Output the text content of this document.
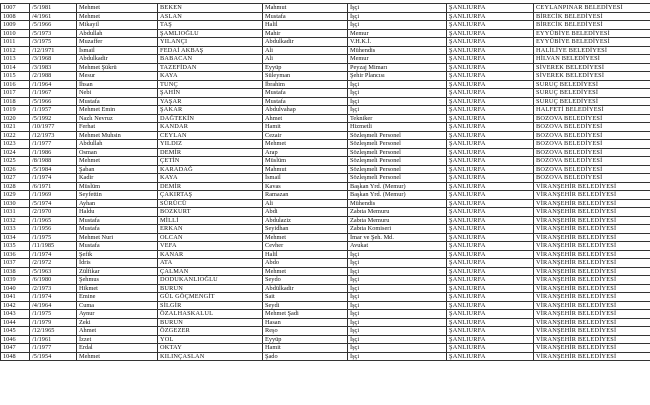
1007	/5/1981	Mehmet	BEKEN	Mahmut	İşçi	ŞANLIURFA	CEYLANPINAR BELEDİYESİ
1008	/4/1961	Mehmet	ASLAN	Mustafa	İşçi	ŞANLIURFA	BİRECİK BELEDİYESİ
1009	/5/1966	Mikayil	TAŞ	Halil	İşçi	ŞANLIURFA	BİRECİK BELEDİYESİ
1010	/5/1973	Abdullah	ŞAMLIOĞLU	Mahir	Memur	ŞANLIURFA	EYYÜBİYE BELEDİYESİ
1011	/3/1975	Muzaffer	YILANÇI	Abdulkadir	V.H.K.İ.	ŞANLIURFA	EYYÜBİYE BELEDİYESİ
1012	/12/1971	İsmail	FEDAİ AKBAŞ	Ali	Mühendis	ŞANLIURFA	HALİLİYE BELEDİYESİ
1013	/3/1968	Abdulkadir	BABACAN	Ali	Memur	ŞANLIURFA	HİLVAN BELEDİYESİ
1014	/3/1983	Mehmet Şükrü	TAZEFİDAN	Eyyüp	Peyzaj Mimarı	ŞANLIURFA	SİVEREK BELEDİYESİ
1015	/2/1988	Mesur	KAYA	Süleyman	Şehir Plancısı	ŞANLIURFA	SİVEREK BELEDİYESİ
1016	/1/1964	İhsan	TUNÇ	İbrahim	İşçi	ŞANLIURFA	SURUÇ BELEDİYESİ
1017	/1/1967	Nebi	ŞAHİN	Mustafa	İşçi	ŞANLIURFA	SURUÇ BELEDİYESİ
1018	/5/1966	Mustafa	YAŞAR	Mustafa	İşçi	ŞANLIURFA	SURUÇ BELEDİYESİ
1019	/1/1957	Mehmet Emin	ŞAKAR	Abdulvahap	İşçi	ŞANLIURFA	HALFETİ BELEDİYESİ
1020	/5/1992	Nazlı Nevruz	DAĞTEKİN	Ahmet	Tekniker	ŞANLIURFA	BOZOVA BELEDİYESİ
1021	/10/1977	Ferhat	KANDAR	Hamit	Hizmetli	ŞANLIURFA	BOZOVA BELEDİYESİ
1022	/12/1973	Mehmet Muhsin	CEYLAN	Cezair	Sözleşmeli Personel	ŞANLIURFA	BOZOVA BELEDİYESİ
1023	/1/1977	Abdullah	YILDIZ	Mehmet	Sözleşmeli Personel	ŞANLIURFA	BOZOVA BELEDİYESİ
1024	/1/1986	Osman	DEMİR	Arap	Sözleşmeli Personel	ŞANLIURFA	BOZOVA BELEDİYESİ
1025	/8/1988	Mehmet	ÇETİN	Müslüm	Sözleşmeli Personel	ŞANLIURFA	BOZOVA BELEDİYESİ
1026	/5/1984	Şaban	KARADAĞ	Mahmut	Sözleşmeli Personel	ŞANLIURFA	BOZOVA BELEDİYESİ
1027	/1/1974	Kadir	KAYA	İsmail	Sözleşmeli Personel	ŞANLIURFA	BOZOVA BELEDİYESİ
1028	/6/1971	Müslüm	DEMİR	Kavas	Başkan Yrd. (Memur)	ŞANLIURFA	VİRANŞEHİR BELEDİYESİ
1029	/1/1969	Seyfettin	ÇAKIRTAŞ	Ramazan	Başkan Yrd. (Memur)	ŞANLIURFA	VİRANŞEHİR BELEDİYESİ
1030	/5/1974	Ayhan	SÜRÜCÜ	Ali	Mühendis	ŞANLIURFA	VİRANŞEHİR BELEDİYESİ
1031	/2/1970	Haldu	BOZKURT	Abdi	Zabıta Memuru	ŞANLIURFA	VİRANŞEHİR BELEDİYESİ
1032	/1/1965	Mustafa	MİLLİ	Abdulaziz	Zabıta Memuru	ŞANLIURFA	VİRANŞEHİR BELEDİYESİ
1033	/1/1956	Mustafa	ERKAN	Seyidhan	Zabıta Komiseri	ŞANLIURFA	VİRANŞEHİR BELEDİYESİ
1034	/1/1975	Mehmet Nuri	OLCAN	Mehmet	İmar ve Şeh. Md.	ŞANLIURFA	VİRANŞEHİR BELEDİYESİ
1035	/11/1985	Mustafa	VEFA	Cevher	Avukat	ŞANLIURFA	VİRANŞEHİR BELEDİYESİ
1036	/1/1974	Şefik	KANAR	Halil	İşçi	ŞANLIURFA	VİRANŞEHİR BELEDİYESİ
1037	/2/1972	İdris	ATA	Abdo	İşçi	ŞANLIURFA	VİRANŞEHİR BELEDİYESİ
1038	/5/1963	Zülfikar	ÇALMAN	Mehmet	İşçi	ŞANLIURFA	VİRANŞEHİR BELEDİYESİ
1039	/6/1980	Şehmus	DODUKANLIOĞLU	Seydo	İşçi	ŞANLIURFA	VİRANŞEHİR BELEDİYESİ
1040	/2/1973	Hikmet	BURUN	Abdülkadir	İşçi	ŞANLIURFA	VİRANŞEHİR BELEDİYESİ
1041	/1/1974	Emine	GÜL GÖÇMENGİT	Sait	İşçi	ŞANLIURFA	VİRANŞEHİR BELEDİYESİ
1042	/4/1964	Cuma	SİLGİR	Seydi	İşçi	ŞANLIURFA	VİRANŞEHİR BELEDİYESİ
1043	/1/1975	Aynur	ÖZALHASKALUL	Mehmet Şadi	İşçi	ŞANLIURFA	VİRANŞEHİR BELEDİYESİ
1044	/1/1979	Zeki	BURUN	Hasan	İşçi	ŞANLIURFA	VİRANŞEHİR BELEDİYESİ
1045	/12/1965	Ahmet	ÖZGEZER	Reşo	İşçi	ŞANLIURFA	VİRANŞEHİR BELEDİYESİ
1046	/1/1961	İzzet	YOL	Eyyüp	İşçi	ŞANLIURFA	VİRANŞEHİR BELEDİYESİ
1047	/1/1977	Erdal	OKTAY	Hamit	İşçi	ŞANLIURFA	VİRANŞEHİR BELEDİYESİ
1048	/5/1954	Mehmet	KILINÇASLAN	Şado	İşçi	ŞANLIURFA	VİRANŞEHİR BELEDİYESİ
